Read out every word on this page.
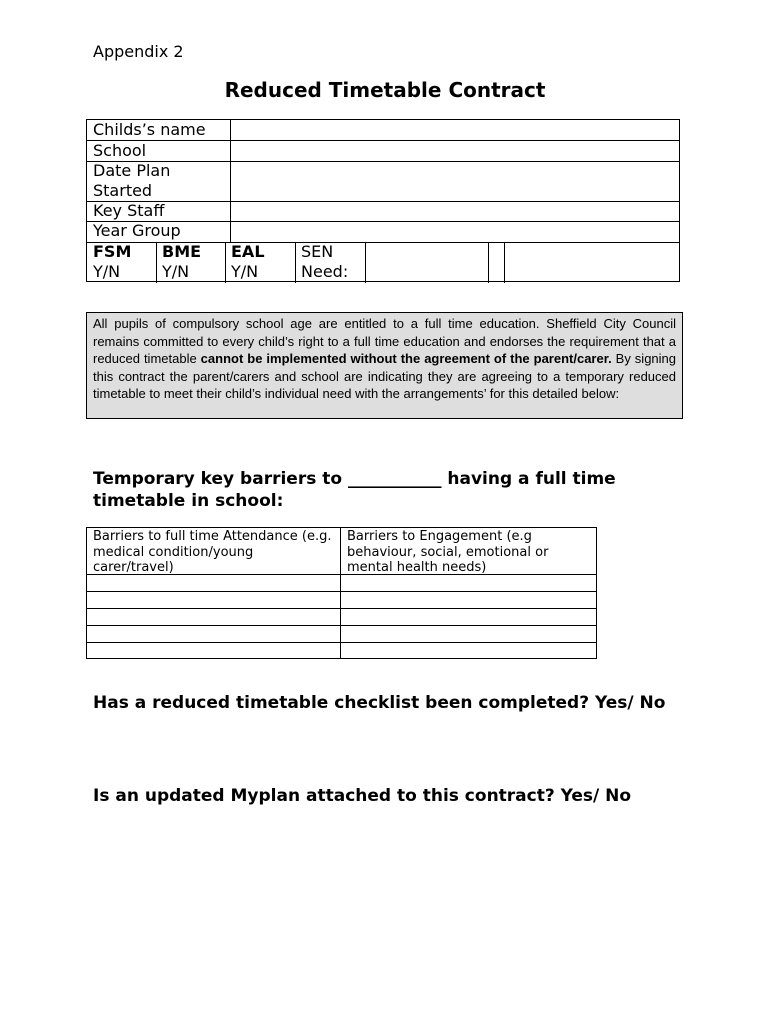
Appendix 2
Reduced Timetable Contract
Childs’s name
School
Date Plan Started
Key Staff
Year Group
FSM
Y/N
BME
Y/N
EAL
Y/N
SEN
Need:
All pupils of compulsory school age are entitled to a full time education. Sheffield City Council remains committed to every child’s right to a full time education and endorses the requirement that a reduced timetable cannot be implemented without the agreement of the parent/carer. By signing this contract the parent/carers and school are indicating they are agreeing to a temporary reduced timetable to meet their child’s individual need with the arrangements’ for this detailed below:
Temporary key barriers to ___________ having a full time timetable in school:
Barriers to full time Attendance (e.g. medical condition/young carer/travel)
Barriers to Engagement (e.g behaviour, social, emotional or mental health needs)
Has a reduced timetable checklist been completed? Yes/ No
Is an updated Myplan attached to this contract? Yes/ No
